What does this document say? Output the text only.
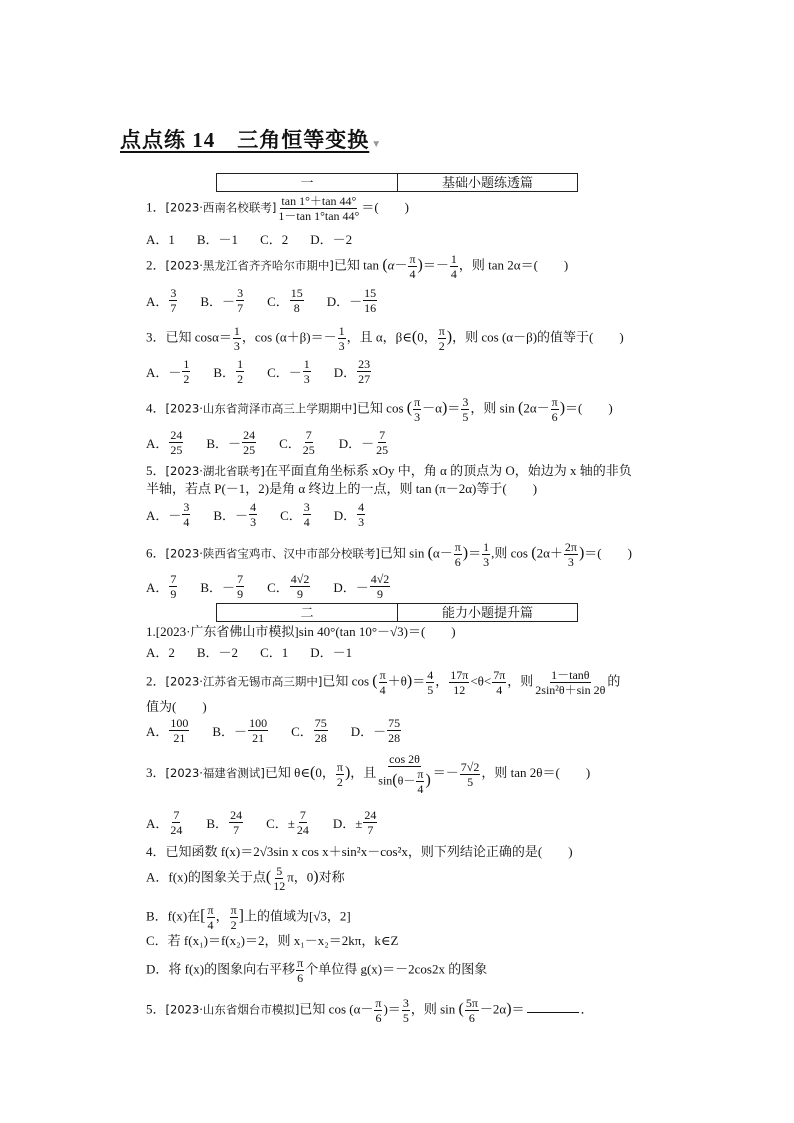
点点练 14　三角恒等变换 ▼
一	基础小题练透篇
1．[2023·西南名校联考] $\frac{\tan 1^\circ+\tan 44^\circ}{1-\tan 1^\circ\tan 44^\circ}$ ＝(　　)
A．1 B．－1 C．2 D．－2
2．[2023·黑龙江省齐齐哈尔市期中]已知 $\tan (\alpha- \frac{\pi}{4}$ )＝－ $\frac{1}{4}$ ，则 tan 2α＝(　　)
A． $\frac{3}{7}$ B．－ $\frac{3}{7}$ C． $\frac{15}{8}$ D．－ $\frac{15}{16}$
3．已知 $\cos\alpha= \frac{1}{3}$ ，$\cos (\alpha+\beta)=- \frac{1}{3}$ ，且 α，β∈(0， $\frac{\pi}{2}$ )，则 cos (α－β)的值等于(　　)
A．－ $\frac{1}{2}$ B． $\frac{1}{2}$ C．－ $\frac{1}{3}$ D． $\frac{23}{27}$
4．[2023·山东省菏泽市高三上学期期中]已知 cos ( $\frac{\pi}{3} -\alpha)= \frac{3}{5}$ ，则 $\sin (2\alpha- \frac{\pi}{6}$ )＝(　　)
A． $\frac{24}{25}$ B．－ $\frac{24}{25}$ C． $\frac{7}{25}$ D．－ $\frac{7}{25}$
5．[2023·湖北省联考]在平面直角坐标系 xOy 中，角 α 的顶点为 O，始边为 x 轴的非负
半轴，若点 P(－1，2)是角 α 终边上的一点，则 tan (π－2α)等于(　　)
A．－ $\frac{3}{4}$ B．－ $\frac{4}{3}$ C． $\frac{3}{4}$ D． $\frac{4}{3}$
6．[2023·陕西省宝鸡市、汉中市部分校联考]已知 $\sin (\alpha- \frac{\pi}{6}$ )＝ $\frac{1}{3}$ ,则 $\cos (2\alpha+ \frac{2\pi}{3}$ )＝(　　)
A． $\frac{7}{9}$ B．－ $\frac{7}{9}$ C． $\frac{4√2}{9}$ D．－ $\frac{4√2}{9}$
二	能力小题提升篇
1.[2023·广东省佛山市模拟]sin 40°(tan 10°－√3)＝(　　)
A．2 B．－2 C．1 D．－1
2．[2023·江苏省无锡市高三期中]已知 cos ( $\frac{\pi}{4} +\theta)= \frac{4}{5}$ ， $\frac{17\pi}{12} <\theta< \frac{7\pi}{4}$ ，则 $\frac{1-\tan\theta}{\text{2sin²θ＋sin 2θ}}$ 的
值为(　　)
A． $\frac{100}{21}$ B．－ $\frac{100}{21}$ C． $\frac{75}{28}$ D．－ $\frac{75}{28}$
3．[2023·福建省测试]已知 θ∈(0， $\frac{\pi}{2}$ )，且 $\frac{\cos 2\theta}{\sin(\theta- \frac{\pi}{4} )} =- \frac{7√2}{5}$ ，则 tan 2θ＝(　　)
A． $\frac{7}{24}$ B． $\frac{24}{7}$ C．± $\frac{7}{24}$ D．± $\frac{24}{7}$
4．已知函数 f(x)＝2√3sin x cos x＋sin²x－cos²x，则下列结论正确的是(　　)
A．f(x)的图象关于点( $\frac{5}{12}$ π，0)对称
B．f(x)在[ $\frac{\pi}{4}$ ， $\frac{\pi}{2}$ ]上的值域为[√3，2]
C．若 f(x₁)＝f(x₂)＝2，则 x₁－x₂＝2kπ，k∈Z
D．将 f(x)的图象向右平移 $\frac{\pi}{6}$ 个单位得 g(x)＝－2cos2x 的图象
5．[2023·山东省烟台市模拟]已知 $\cos (\alpha- \frac{\pi}{6}$ )＝ $\frac{3}{5}$ ，则 sin ( $\frac{5\pi}{6} -2\alpha)=$	．
